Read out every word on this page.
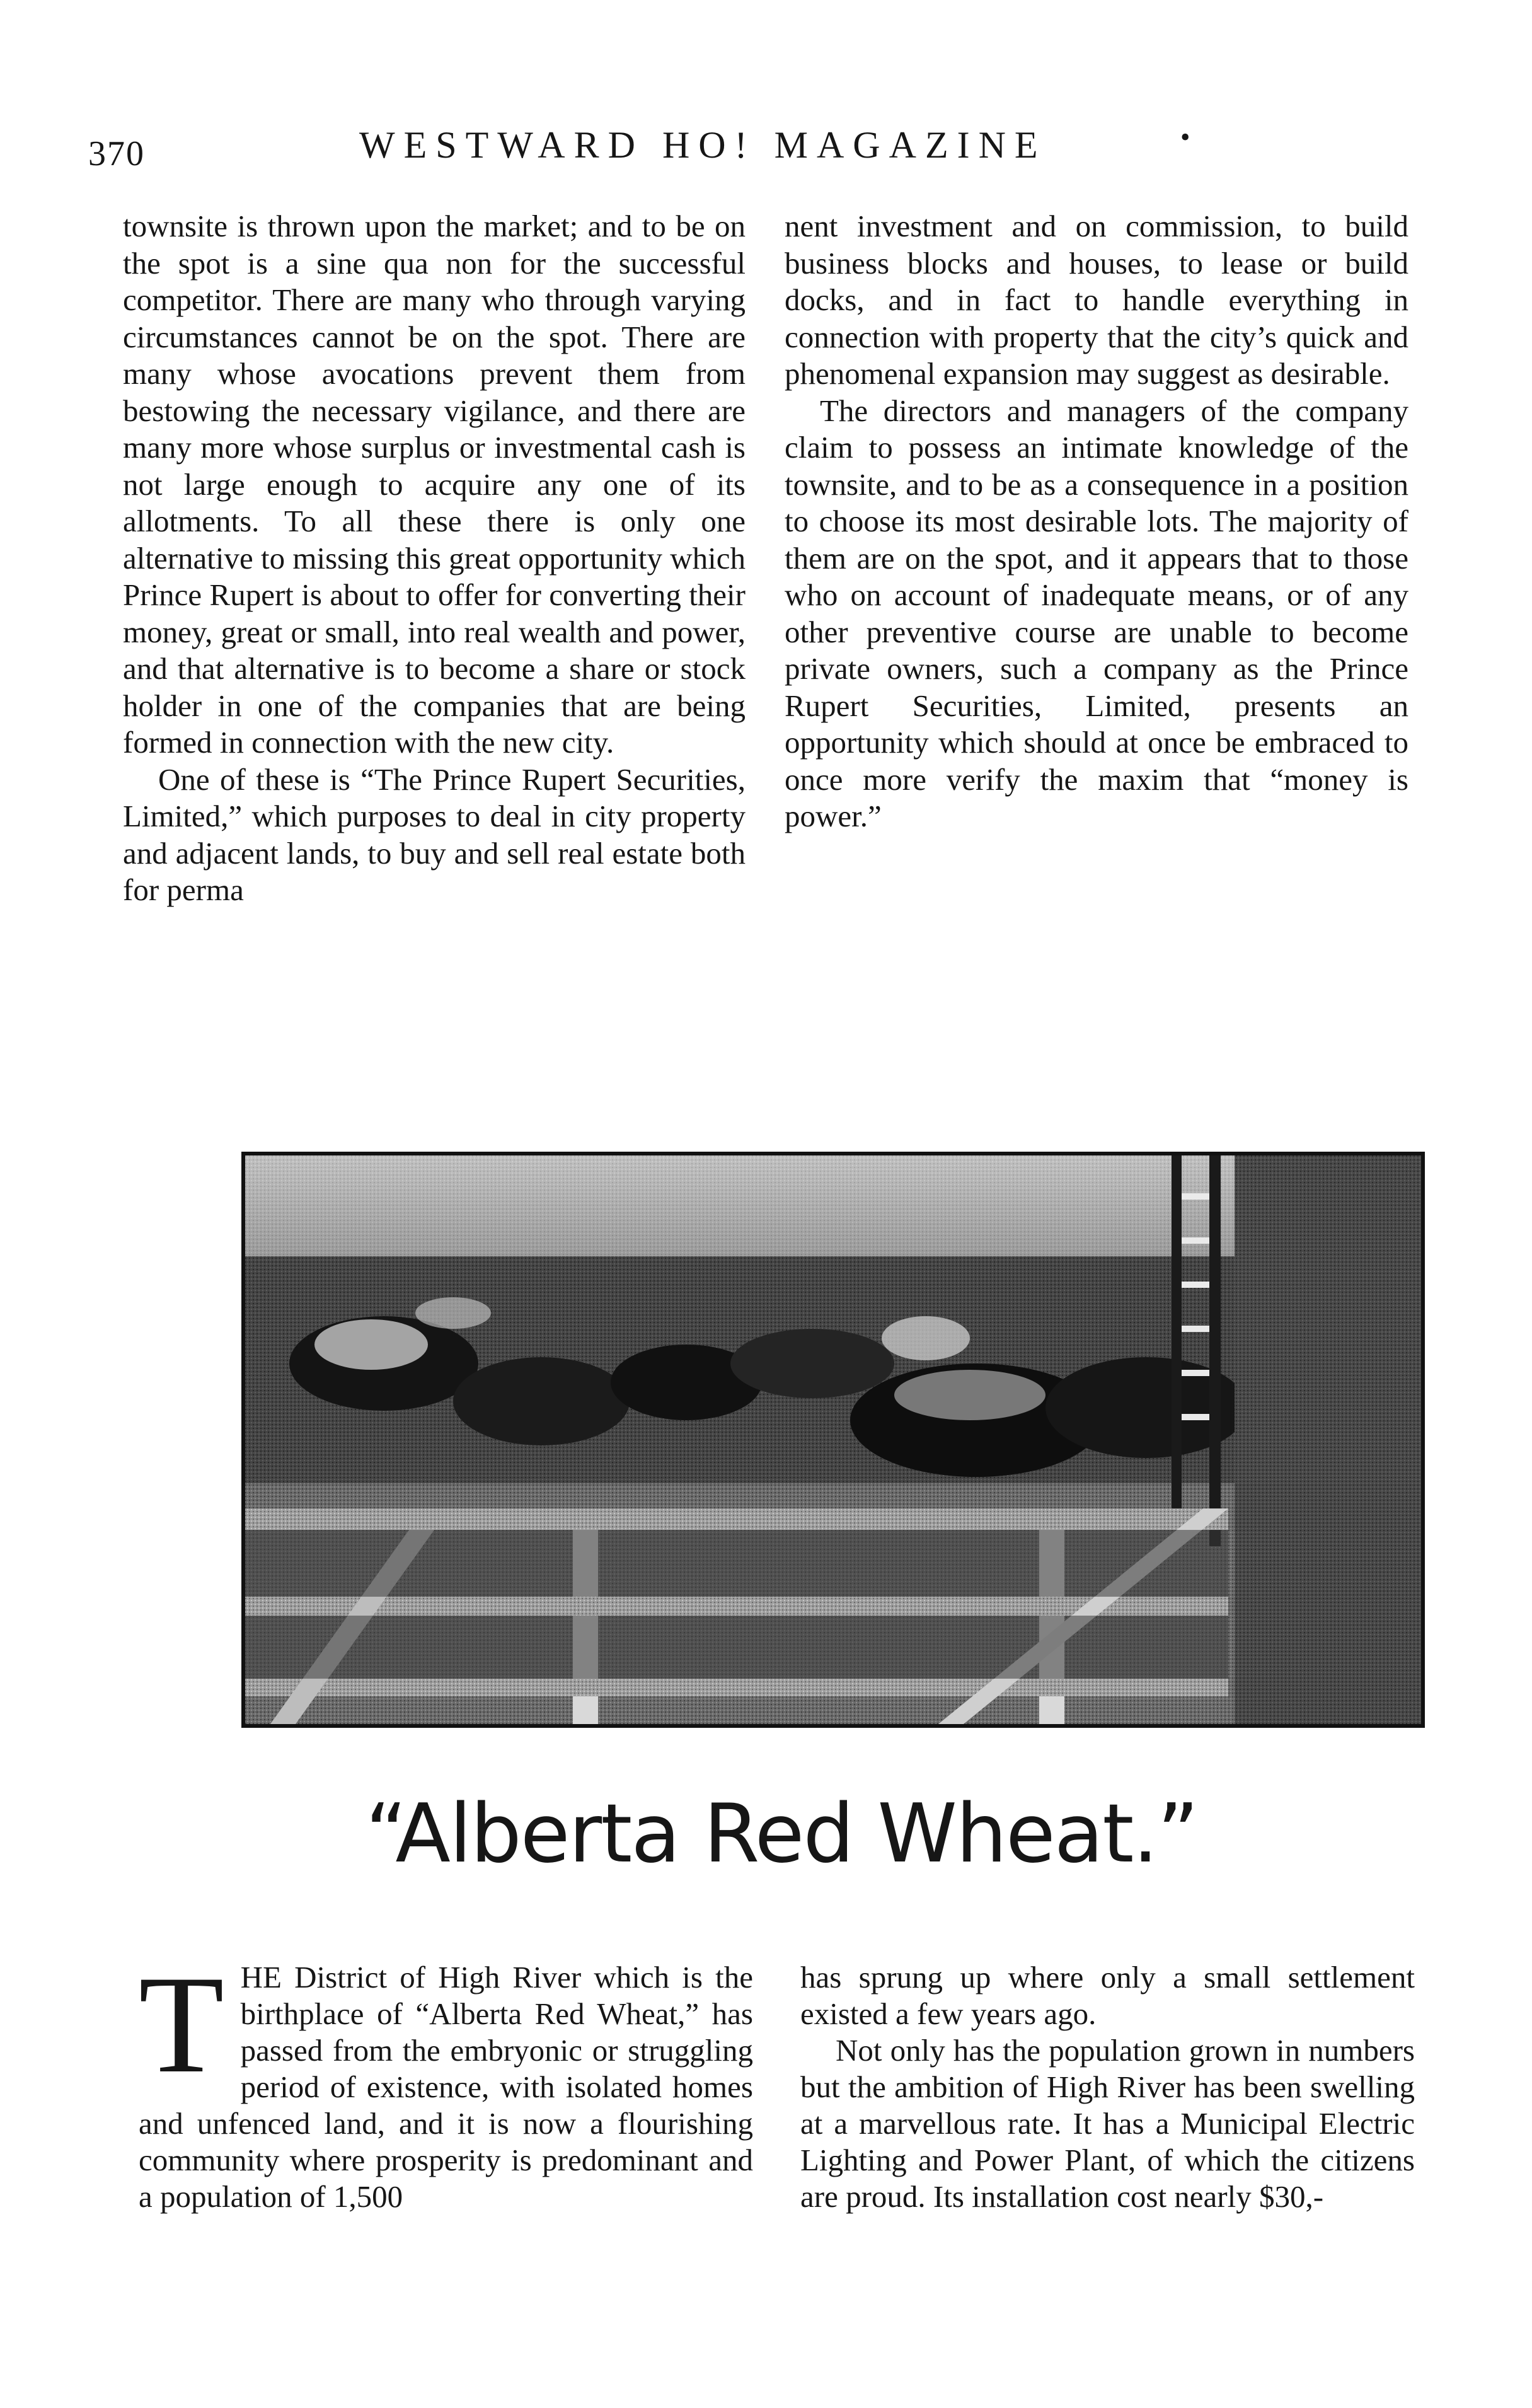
370	WESTWARD HO! MAGAZINE	•

townsite is thrown upon the market; and to be on the spot is a sine qua non for the successful competitor. There are many who through varying circumstances cannot be on the spot. There are many whose avocations prevent them from bestowing the necessary vigilance, and there are many more whose surplus or investmental cash is not large enough to acquire any one of its allotments. To all these there is only one alternative to missing this great opportunity which Prince Rupert is about to offer for converting their money, great or small, into real wealth and power, and that alternative is to become a share or stock holder in one of the companies that are being formed in connection with the new city.

One of these is “The Prince Rupert Securities, Limited,” which purposes to deal in city property and adjacent lands, to buy and sell real estate both for perma

nent investment and on commission, to build business blocks and houses, to lease or build docks, and in fact to handle everything in connection with property that the city’s quick and phenomenal expansion may suggest as desirable.

The directors and managers of the company claim to possess an intimate knowledge of the townsite, and to be as a consequence in a position to choose its most desirable lots. The majority of them are on the spot, and it appears that to those who on account of inadequate means, or of any other preventive course are unable to become private owners, such a company as the Prince Rupert Securities, Limited, presents an opportunity which should at once be embraced to once more verify the maxim that “money is power.”

“Alberta Red Wheat.”

THE District of High River which is the birthplace of “Alberta Red Wheat,” has passed from the embryonic or struggling period of existence, with isolated homes and unfenced land, and it is now a flourishing community where prosperity is predominant and a population of 1,500

has sprung up where only a small settlement existed a few years ago.

Not only has the population grown in numbers but the ambition of High River has been swelling at a marvellous rate. It has a Municipal Electric Lighting and Power Plant, of which the citizens are proud. Its installation cost nearly $30,-
